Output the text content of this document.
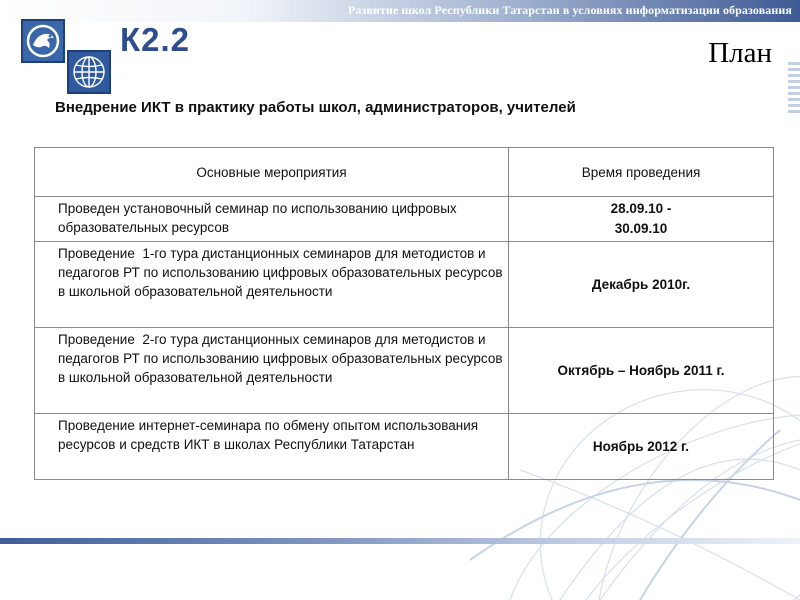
Развитие школ Республики Татарстан в условиях информатизации образования
К2.2	План
Внедрение ИКТ в практику работы школ, администраторов, учителей
Основные мероприятия	Время проведения
Проведен установочный семинар по использованию цифровых образовательных ресурсов	28.09.10 -
30.09.10

Проведение 1-го тура дистанционных семинаров для методистов и педагогов РТ по использованию цифровых образовательных ресурсов в школьной образовательной деятельности	Декабрь 2010г.
Проведение 2-го тура дистанционных семинаров для методистов и педагогов РТ по использованию цифровых образовательных ресурсов в школьной образовательной деятельности	Октябрь – Ноябрь 2011 г.
Проведение интернет-семинара по обмену опытом использования ресурсов и средств ИКТ в школах Республики Татарстан	Ноябрь 2012 г.
